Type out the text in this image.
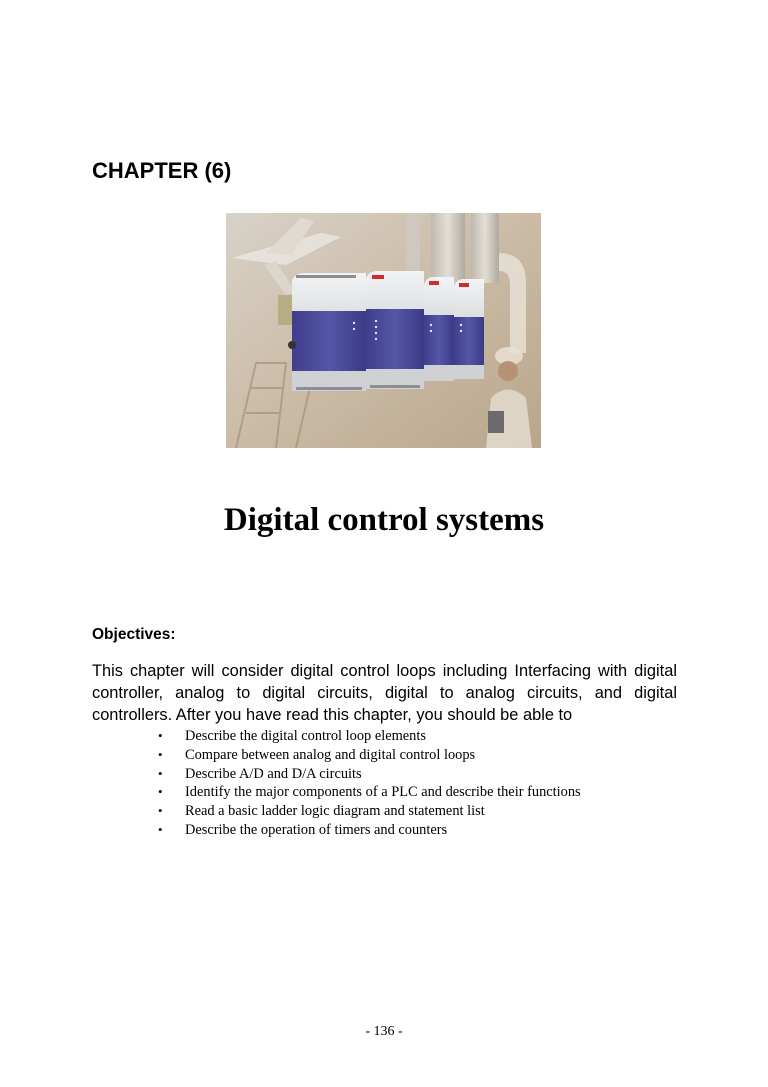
CHAPTER (6)
Digital control systems
Objectives:

This chapter will consider digital control loops including Interfacing with digital controller, analog to digital circuits, digital to analog circuits, and digital controllers. After you have read this chapter, you should be able to

• Describe the digital control loop elements
• Compare between analog and digital control loops
• Describe A/D and D/A circuits
• Identify the major components of a PLC and describe their functions
• Read a basic ladder logic diagram and statement list
• Describe the operation of timers and counters
- 136 -
